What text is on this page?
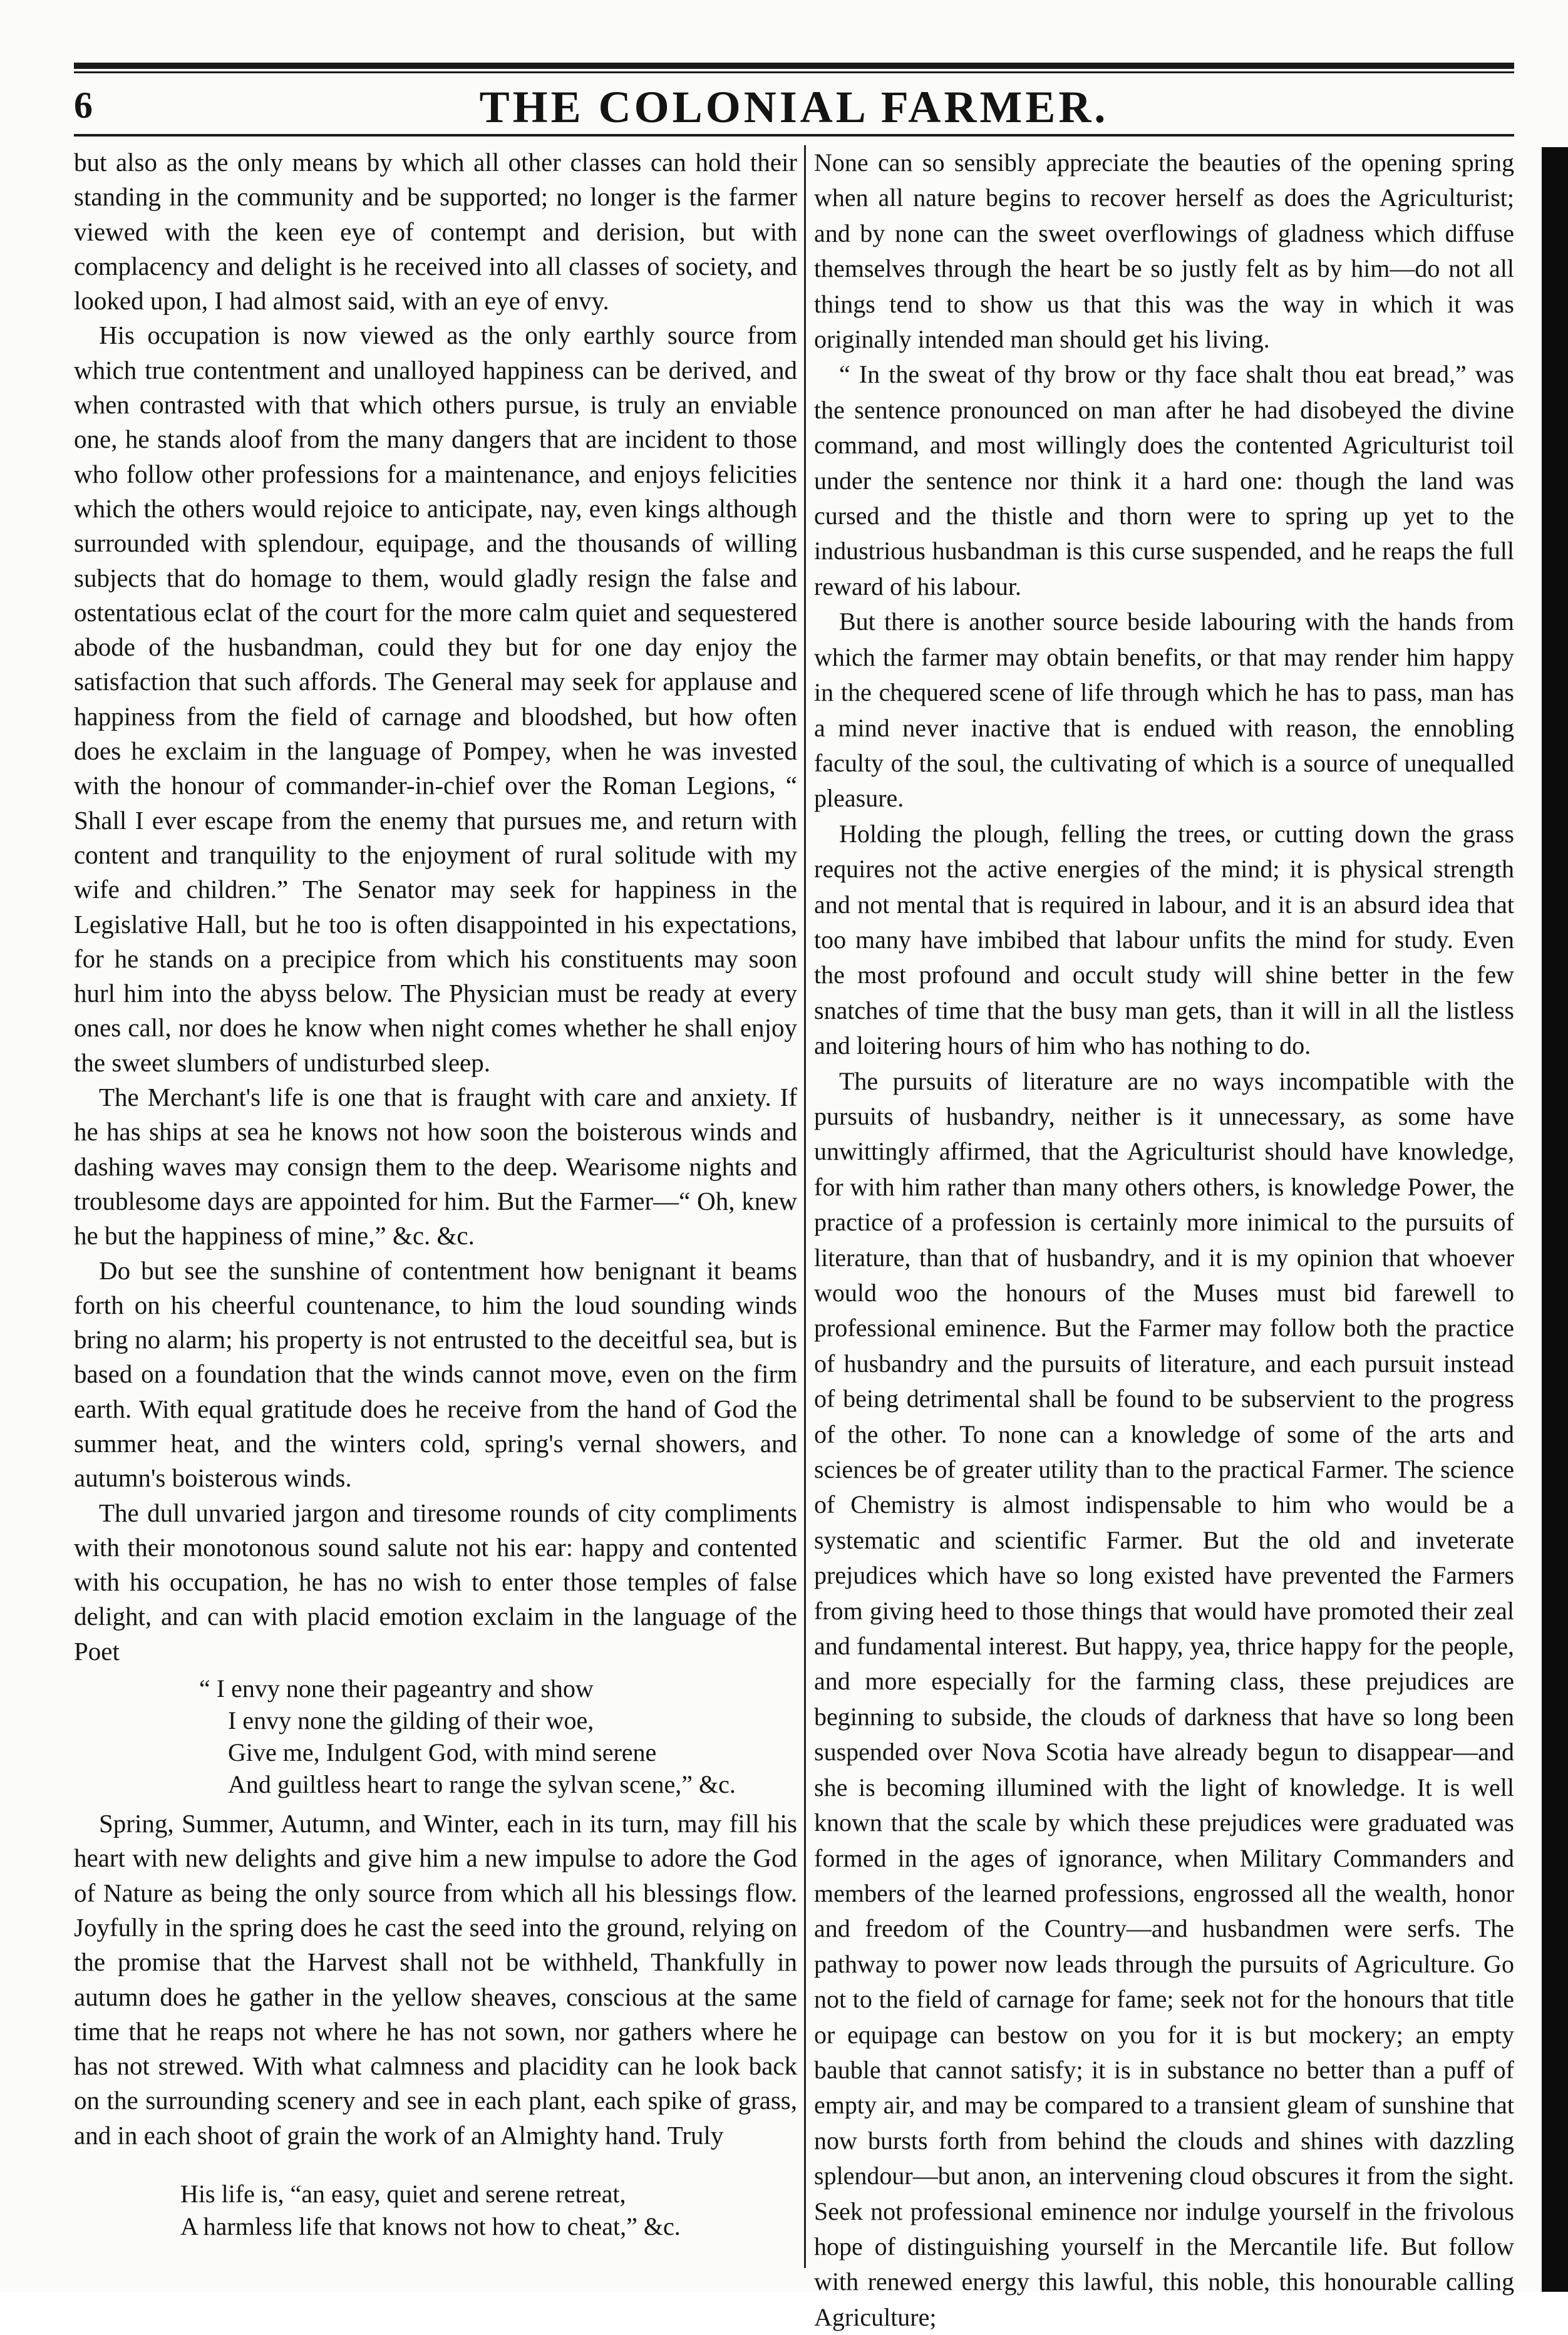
6	THE COLONIAL FARMER.

but also as the only means by which all other classes can hold their standing in the community and be supported; no longer is the farmer viewed with the keen eye of contempt and derision, but with complacency and delight is he received into all classes of society, and looked upon, I had almost said, with an eye of envy.

His occupation is now viewed as the only earthly source from which true contentment and unalloyed happiness can be derived, and when contrasted with that which others pursue, is truly an enviable one, he stands aloof from the many dangers that are incident to those who follow other professions for a maintenance, and enjoys felicities which the others would rejoice to anticipate, nay, even kings although surrounded with splendour, equipage, and the thousands of willing subjects that do homage to them, would gladly resign the false and ostentatious eclat of the court for the more calm quiet and sequestered abode of the husbandman, could they but for one day enjoy the satisfaction that such affords. The General may seek for applause and happiness from the field of carnage and bloodshed, but how often does he exclaim in the language of Pompey, when he was invested with the honour of commander-in-chief over the Roman Legions, “ Shall I ever escape from the enemy that pursues me, and return with content and tranquility to the enjoyment of rural solitude with my wife and children.” The Senator may seek for happiness in the Legislative Hall, but he too is often disappointed in his expectations, for he stands on a precipice from which his constituents may soon hurl him into the abyss below. The Physician must be ready at every ones call, nor does he know when night comes whether he shall enjoy the sweet slumbers of undisturbed sleep.

The Merchant's life is one that is fraught with care and anxiety. If he has ships at sea he knows not how soon the boisterous winds and dashing waves may consign them to the deep. Wearisome nights and troublesome days are appointed for him. But the Farmer—“ Oh, knew he but the happiness of mine,” &c. &c.

Do but see the sunshine of contentment how benignant it beams forth on his cheerful countenance, to him the loud sounding winds bring no alarm; his property is not entrusted to the deceitful sea, but is based on a foundation that the winds cannot move, even on the firm earth. With equal gratitude does he receive from the hand of God the summer heat, and the winters cold, spring's vernal showers, and autumn's boisterous winds.

The dull unvaried jargon and tiresome rounds of city compliments with their monotonous sound salute not his ear: happy and contented with his occupation, he has no wish to enter those temples of false delight, and can with placid emotion exclaim in the language of the Poet

“ I envy none their pageantry and show
I envy none the gilding of their woe,
Give me, Indulgent God, with mind serene
And guiltless heart to range the sylvan scene,” &c.

Spring, Summer, Autumn, and Winter, each in its turn, may fill his heart with new delights and give him a new impulse to adore the God of Nature as being the only source from which all his blessings flow. Joyfully in the spring does he cast the seed into the ground, relying on the promise that the Harvest shall not be withheld, Thankfully in autumn does he gather in the yellow sheaves, conscious at the same time that he reaps not where he has not sown, nor gathers where he has not strewed. With what calmness and placidity can he look back on the surrounding scenery and see in each plant, each spike of grass, and in each shoot of grain the work of an Almighty hand. Truly

His life is, “an easy, quiet and serene retreat,
A harmless life that knows not how to cheat,” &c.

None can so sensibly appreciate the beauties of the opening spring when all nature begins to recover herself as does the Agriculturist; and by none can the sweet overflowings of gladness which diffuse themselves through the heart be so justly felt as by him—do not all things tend to show us that this was the way in which it was originally intended man should get his living.

“ In the sweat of thy brow or thy face shalt thou eat bread,” was the sentence pronounced on man after he had disobeyed the divine command, and most willingly does the contented Agriculturist toil under the sentence nor think it a hard one: though the land was cursed and the thistle and thorn were to spring up yet to the industrious husbandman is this curse suspended, and he reaps the full reward of his labour.

But there is another source beside labouring with the hands from which the farmer may obtain benefits, or that may render him happy in the chequered scene of life through which he has to pass, man has a mind never inactive that is endued with reason, the ennobling faculty of the soul, the cultivating of which is a source of unequalled pleasure.

Holding the plough, felling the trees, or cutting down the grass requires not the active energies of the mind; it is physical strength and not mental that is required in labour, and it is an absurd idea that too many have imbibed that labour unfits the mind for study. Even the most profound and occult study will shine better in the few snatches of time that the busy man gets, than it will in all the listless and loitering hours of him who has nothing to do.

The pursuits of literature are no ways incompatible with the pursuits of husbandry, neither is it unnecessary, as some have unwittingly affirmed, that the Agriculturist should have knowledge, for with him rather than many others others, is knowledge Power, the practice of a profession is certainly more inimical to the pursuits of literature, than that of husbandry, and it is my opinion that whoever would woo the honours of the Muses must bid farewell to professional eminence. But the Farmer may follow both the practice of husbandry and the pursuits of literature, and each pursuit instead of being detrimental shall be found to be subservient to the progress of the other. To none can a knowledge of some of the arts and sciences be of greater utility than to the practical Farmer. The science of Chemistry is almost indispensable to him who would be a systematic and scientific Farmer. But the old and inveterate prejudices which have so long existed have prevented the Farmers from giving heed to those things that would have promoted their zeal and fundamental interest. But happy, yea, thrice happy for the people, and more especially for the farming class, these prejudices are beginning to subside, the clouds of darkness that have so long been suspended over Nova Scotia have already begun to disappear—and she is becoming illumined with the light of knowledge. It is well known that the scale by which these prejudices were graduated was formed in the ages of ignorance, when Military Commanders and members of the learned professions, engrossed all the wealth, honor and freedom of the Country—and husbandmen were serfs. The pathway to power now leads through the pursuits of Agriculture. Go not to the field of carnage for fame; seek not for the honours that title or equipage can bestow on you for it is but mockery; an empty bauble that cannot satisfy; it is in substance no better than a puff of empty air, and may be compared to a transient gleam of sunshine that now bursts forth from behind the clouds and shines with dazzling splendour—but anon, an intervening cloud obscures it from the sight. Seek not professional eminence nor indulge yourself in the frivolous hope of distinguishing yourself in the Mercantile life. But follow with renewed energy this lawful, this noble, this honourable calling Agriculture;
